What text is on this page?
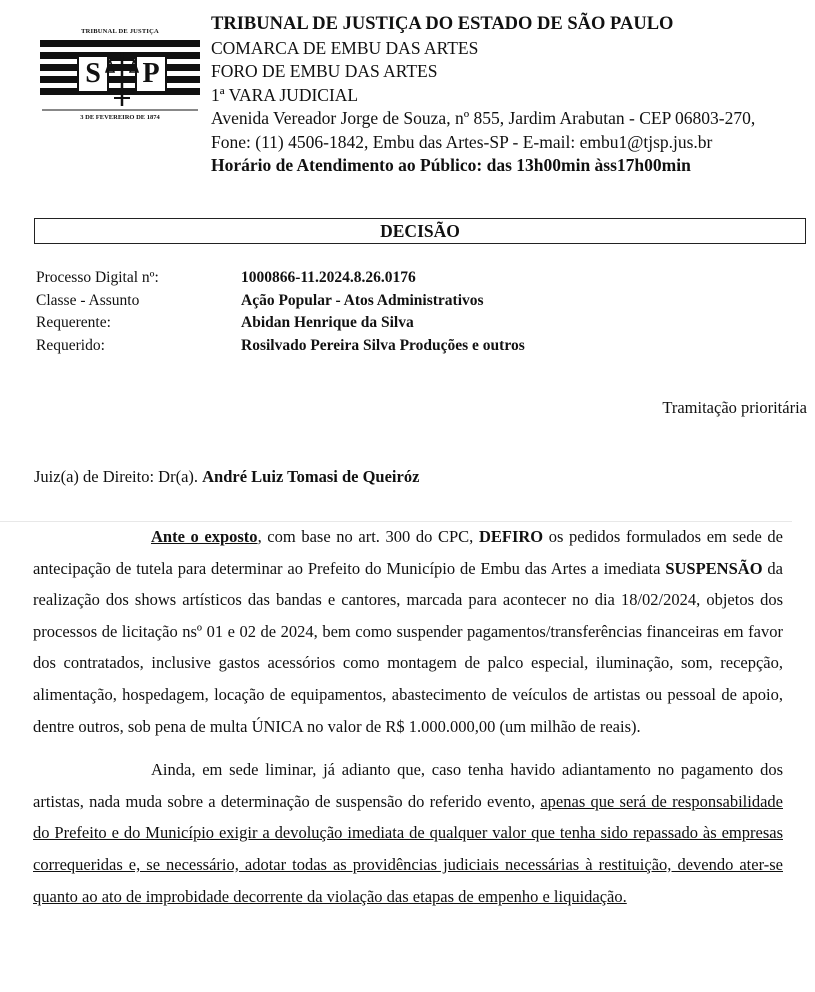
TRIBUNAL DE JUSTIÇA
S P
3 DE FEVEREIRO DE 1874
TRIBUNAL DE JUSTIÇA DO ESTADO DE SÃO PAULO
COMARCA DE EMBU DAS ARTES
FORO DE EMBU DAS ARTES
1ª VARA JUDICIAL
Avenida Vereador Jorge de Souza, nº 855, Jardim Arabutan - CEP 06803-270, Fone: (11) 4506-1842, Embu das Artes-SP - E-mail: embu1@tjsp.jus.br
Horário de Atendimento ao Público: das 13h00min àss17h00min
DECISÃO
Processo Digital nº:	1000866-11.2024.8.26.0176
Classe - Assunto	Ação Popular - Atos Administrativos
Requerente:	Abidan Henrique da Silva
Requerido:	Rosilvado Pereira Silva Produções e outros
Tramitação prioritária
Juiz(a) de Direito: Dr(a). André Luiz Tomasi de Queiróz

Ante o exposto, com base no art. 300 do CPC, DEFIRO os pedidos formulados em sede de antecipação de tutela para determinar ao Prefeito do Município de Embu das Artes a imediata SUSPENSÃO da realização dos shows artísticos das bandas e cantores, marcada para acontecer no dia 18/02/2024, objetos dos processos de licitação nsº 01 e 02 de 2024, bem como suspender pagamentos/transferências financeiras em favor dos contratados, inclusive gastos acessórios como montagem de palco especial, iluminação, som, recepção, alimentação, hospedagem, locação de equipamentos, abastecimento de veículos de artistas ou pessoal de apoio, dentre outros, sob pena de multa ÚNICA no valor de R$ 1.000.000,00 (um milhão de reais).

Ainda, em sede liminar, já adianto que, caso tenha havido adiantamento no pagamento dos artistas, nada muda sobre a determinação de suspensão do referido evento, apenas que será de responsabilidade do Prefeito e do Município exigir a devolução imediata de qualquer valor que tenha sido repassado às empresas correqueridas e, se necessário, adotar todas as providências judiciais necessárias à restituição, devendo ater-se quanto ao ato de improbidade decorrente da violação das etapas de empenho e liquidação.
